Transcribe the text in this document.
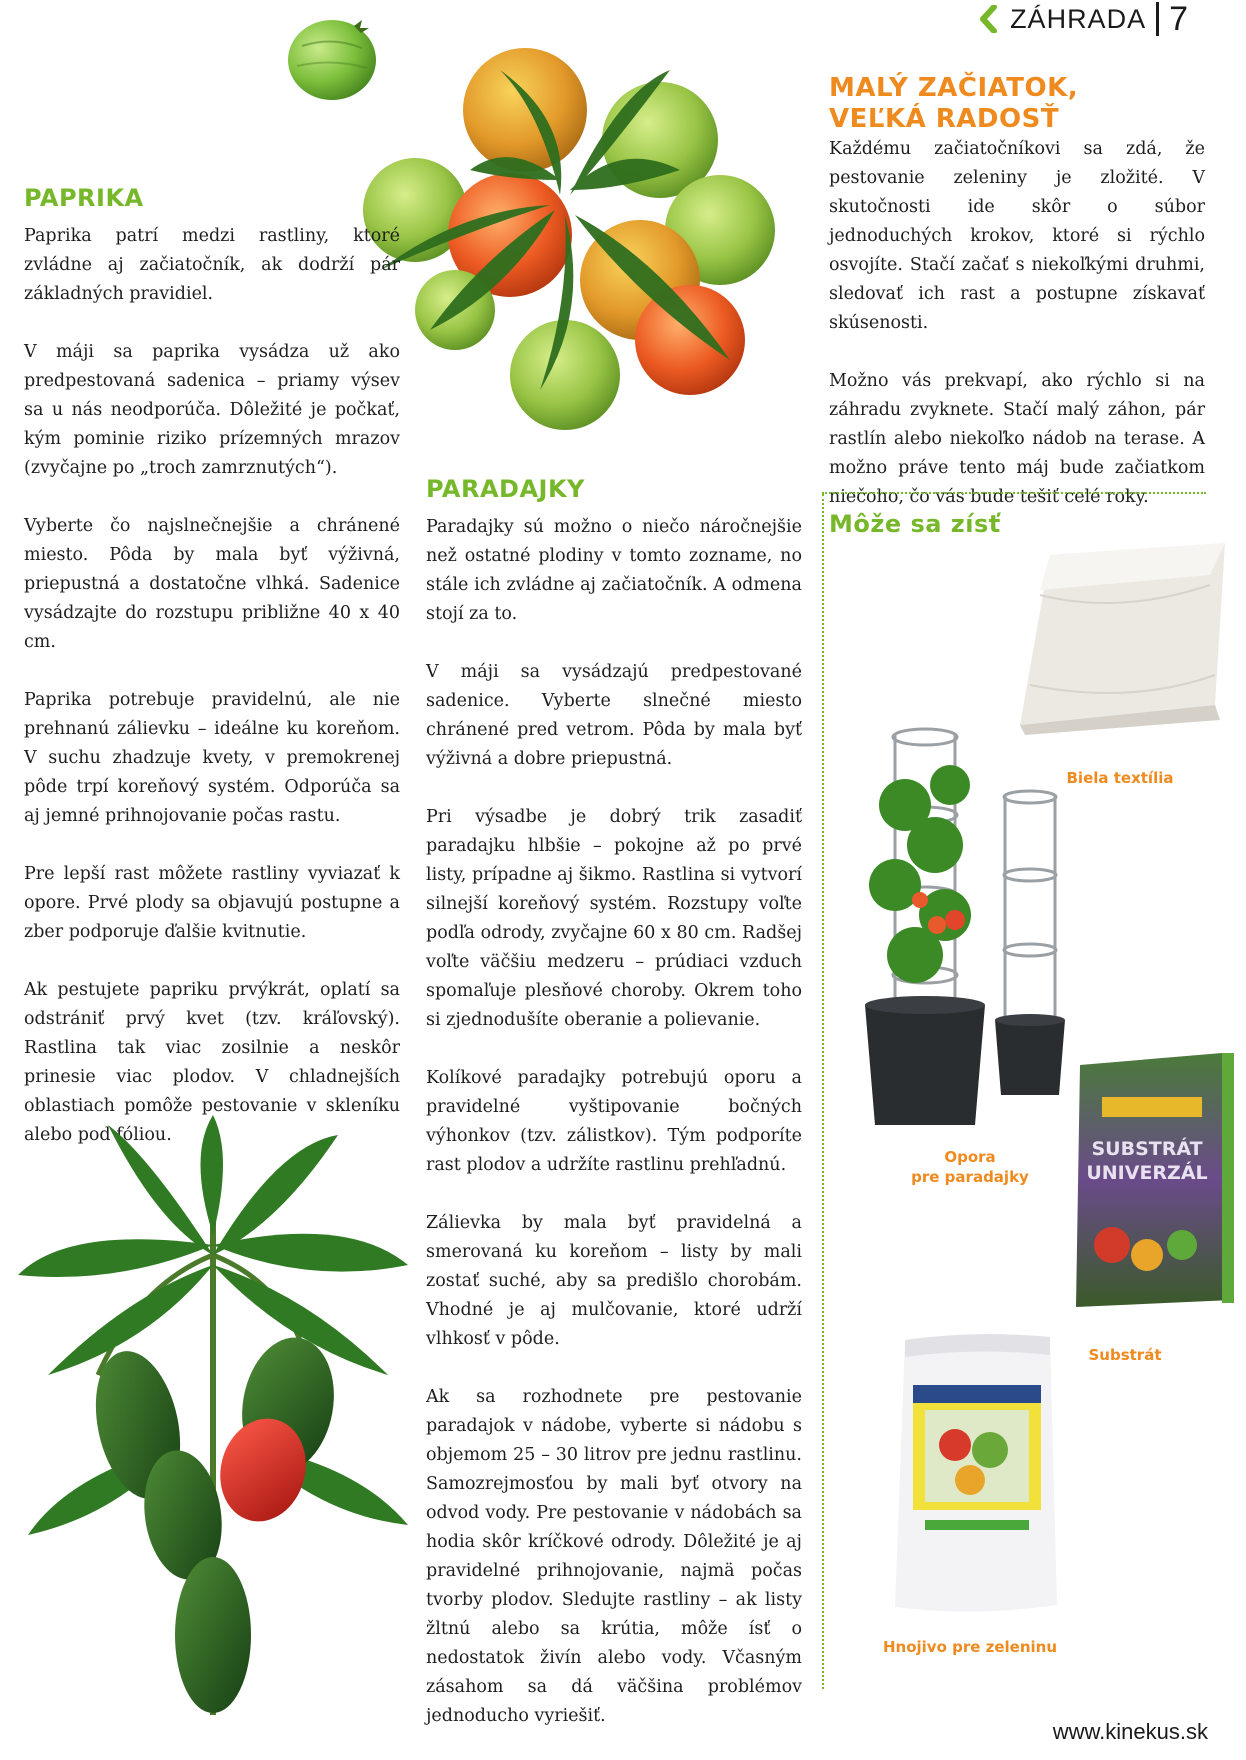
ZÁHRADA 7
PAPRIKA

Paprika patrí medzi rastliny, ktoré zvládne aj začiatočník, ak dodrží pár základných pravidiel.

V máji sa paprika vysádza už ako predpestovaná sadenica – priamy výsev sa u nás neodporúča. Dôležité je počkať, kým pominie riziko prízemných mrazov (zvyčajne po „troch zamrznutých“).

Vyberte čo najslnečnejšie a chránené miesto. Pôda by mala byť výživná, priepustná a dostatočne vlhká. Sadenice vysádzajte do rozstupu približne 40 x 40 cm.

Paprika potrebuje pravidelnú, ale nie prehnanú zálievku – ideálne ku koreňom. V suchu zhadzuje kvety, v premokrenej pôde trpí koreňový systém. Odporúča sa aj jemné prihnojovanie počas rastu.

Pre lepší rast môžete rastliny vyviazať k opore. Prvé plody sa objavujú postupne a zber podporuje ďalšie kvitnutie.

Ak pestujete papriku prvýkrát, oplatí sa odstrániť prvý kvet (tzv. kráľovský). Rastlina tak viac zosilnie a neskôr prinesie viac plodov. V chladnejších oblastiach pomôže pestovanie v skleníku alebo pod fóliou.

PARADAJKY

Paradajky sú možno o niečo náročnejšie než ostatné plodiny v tomto zozname, no stále ich zvládne aj začiatočník. A odmena stojí za to.

V máji sa vysádzajú predpestované sadenice. Vyberte slnečné miesto chránené pred vetrom. Pôda by mala byť výživná a dobre priepustná.

Pri výsadbe je dobrý trik zasadiť paradajku hlbšie – pokojne až po prvé listy, prípadne aj šikmo. Rastlina si vytvorí silnejší koreňový systém. Rozstupy voľte podľa odrody, zvyčajne 60 x 80 cm. Radšej voľte väčšiu medzeru – prúdiaci vzduch spomaľuje plesňové choroby. Okrem toho si zjednodušíte oberanie a polievanie.

Kolíkové paradajky potrebujú oporu a pravidelné vyštipovanie bočných výhonkov (tzv. zálistkov). Tým podporíte rast plodov a udržíte rastlinu prehľadnú.

Zálievka by mala byť pravidelná a smerovaná ku koreňom – listy by mali zostať suché, aby sa predišlo chorobám. Vhodné je aj mulčovanie, ktoré udrží vlhkosť v pôde.

Ak sa rozhodnete pre pestovanie paradajok v nádobe, vyberte si nádobu s objemom 25 – 30 litrov pre jednu rastlinu. Samozrejmosťou by mali byť otvory na odvod vody. Pre pestovanie v nádobách sa hodia skôr kríčkové odrody. Dôležité je aj pravidelné prihnojovanie, najmä počas tvorby plodov. Sledujte rastliny – ak listy žltnú alebo sa krútia, môže ísť o nedostatok živín alebo vody. Včasným zásahom sa dá väčšina problémov jednoducho vyriešiť.

MALÝ ZAČIATOK,
VEĽKÁ RADOSŤ

Každému začiatočníkovi sa zdá, že pestovanie zeleniny je zložité. V skutočnosti ide skôr o súbor jednoduchých krokov, ktoré si rýchlo osvojíte. Stačí začať s niekoľkými druhmi, sledovať ich rast a postupne získavať skúsenosti.

Možno vás prekvapí, ako rýchlo si na záhradu zvyknete. Stačí malý záhon, pár rastlín alebo niekoľko nádob na terase. A možno práve tento máj bude začiatkom niečoho, čo vás bude tešiť celé roky.

Môže sa zísť
Biela textília
Opora
pre paradajky
SUBSTRÁT
UNIVERZÁL
Substrát
Hnojivo pre zeleninu
www.kinekus.sk
